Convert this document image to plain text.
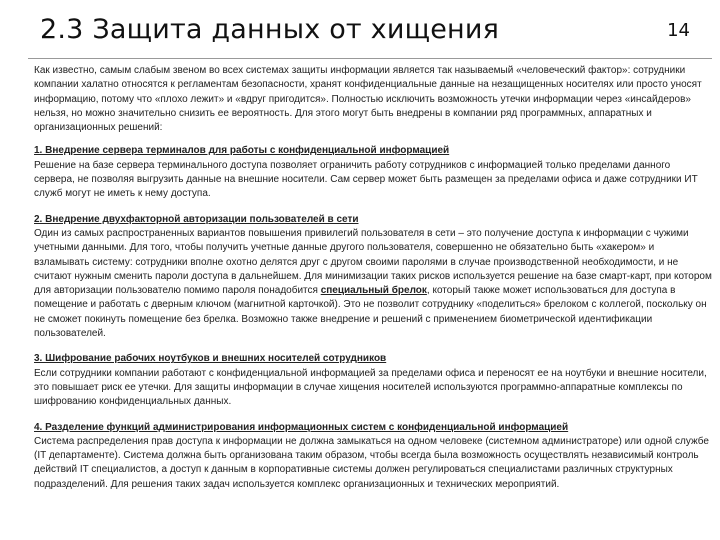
2.3 Защита данных от хищения	14

Как известно, самым слабым звеном во всех системах защиты информации является так называемый «человеческий фактор»: сотрудники компании халатно относятся к регламентам безопасности, хранят конфиденциальные данные на незащищенных носителях или просто уносят информацию, потому что «плохо лежит» и «вдруг пригодится». Полностью исключить возможность утечки информации через «инсайдеров» нельзя, но можно значительно снизить ее вероятность. Для этого могут быть внедрены в компании ряд программных, аппаратных и организационных решений:

1. Внедрение сервера терминалов для работы с конфиденциальной информацией

Решение на базе сервера терминального доступа позволяет ограничить работу сотрудников с информацией только пределами данного сервера, не позволяя выгрузить данные на внешние носители. Сам сервер может быть размещен за пределами офиса и даже сотрудники ИТ служб могут не иметь к нему доступа.

2. Внедрение двухфакторной авторизации пользователей в сети

Один из самых распространенных вариантов повышения привилегий пользователя в сети – это получение доступа к информации с чужими учетными данными. Для того, чтобы получить учетные данные другого пользователя, совершенно не обязательно быть «хакером» и взламывать систему: сотрудники вполне охотно делятся друг с другом своими паролями в случае производственной необходимости, и не считают нужным сменить пароли доступа в дальнейшем. Для минимизации таких рисков используется решение на базе смарт-карт, при котором для авторизации пользователю помимо пароля понадобится специальный брелок, который также может использоваться для доступа в помещение и работать с дверным ключом (магнитной карточкой). Это не позволит сотруднику «поделиться» брелоком с коллегой, поскольку он не сможет покинуть помещение без брелка. Возможно также внедрение и решений с применением биометрической идентификации пользователей.

3. Шифрование рабочих ноутбуков и внешних носителей сотрудников

Если сотрудники компании работают с конфиденциальной информацией за пределами офиса и переносят ее на ноутбуки и внешние носители, это повышает риск ее утечки. Для защиты информации в случае хищения носителей используются программно-аппаратные комплексы по шифрованию конфиденциальных данных.

4. Разделение функций администрирования информационных систем с конфиденциальной информацией

Система распределения прав доступа к информации не должна замыкаться на одном человеке (системном администраторе) или одной службе (IT департаменте). Система должна быть организована таким образом, чтобы всегда была возможность осуществлять независимый контроль действий IT специалистов, а доступ к данным в корпоративные системы должен регулироваться специалистами различных структурных подразделений. Для решения таких задач используется комплекс организационных и технических мероприятий.
